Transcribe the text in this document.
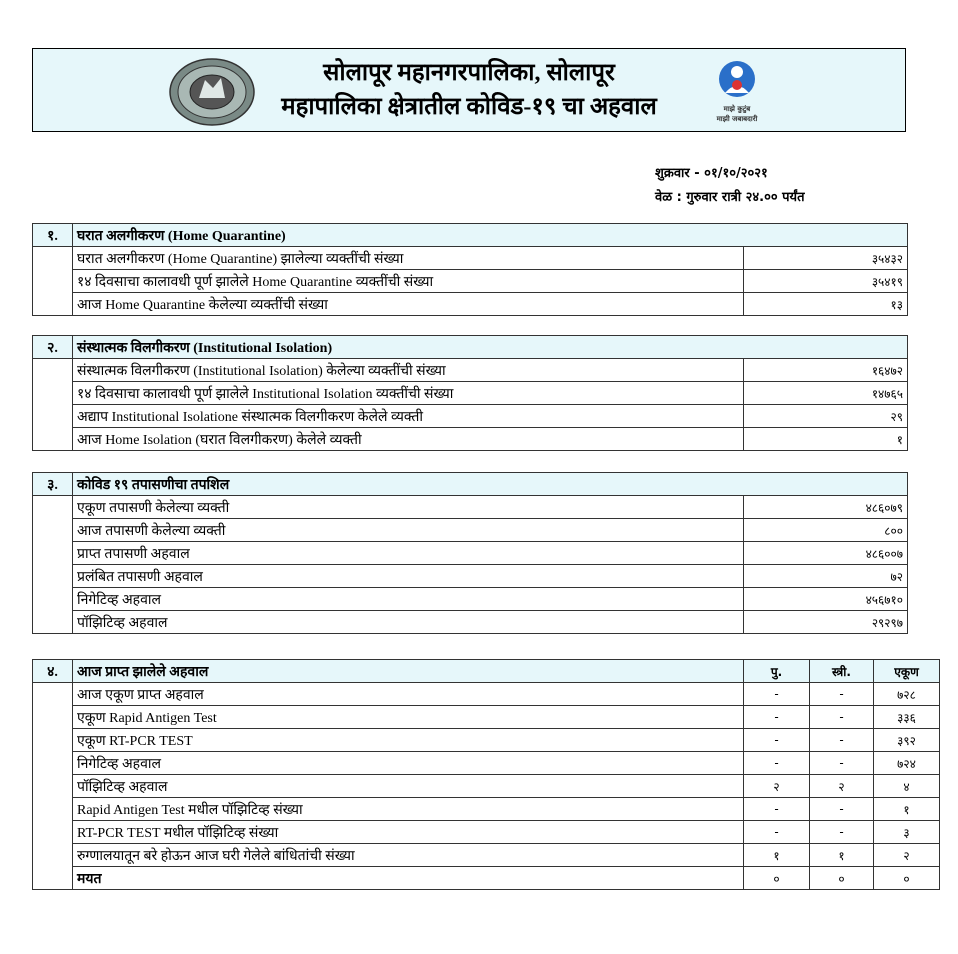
सोलापूर महानगरपालिका, सोलापूर
महापालिका क्षेत्रातील कोविड-१९ चा अहवाल	माझे कुटुंब
माझी जबाबदारी
शुक्रवार - ०१/१०/२०२१
वेळ : गुरुवार रात्री २४.०० पर्यंत
१.	घरात अलगीकरण (Home Quarantine)	
	घरात अलगीकरण (Home Quarantine) झालेल्या व्यक्तींची संख्या	३५४३२
	१४ दिवसाचा कालावधी पूर्ण झालेले Home Quarantine व्यक्तींची संख्या	३५४१९
	आज Home Quarantine केलेल्या व्यक्तींची संख्या	१३
२.	संस्थात्मक विलगीकरण (Institutional Isolation)	
	संस्थात्मक विलगीकरण (Institutional Isolation) केलेल्या व्यक्तींची संख्या	१६४७२
	१४ दिवसाचा कालावधी पूर्ण झालेले Institutional Isolation व्यक्तींची संख्या	१४७६५
	अद्याप Institutional Isolatione संस्थात्मक विलगीकरण केलेले व्यक्ती	२९
	आज Home Isolation (घरात विलगीकरण) केलेले व्यक्ती	१
३.	कोविड १९ तपासणीचा तपशिल	
	एकूण तपासणी केलेल्या व्यक्ती	४८६०७९
	आज तपासणी केलेल्या व्यक्ती	८००
	प्राप्त तपासणी अहवाल	४८६००७
	प्रलंबित तपासणी अहवाल	७२
	निगेटिव्ह अहवाल	४५६७१०
	पॉझिटिव्ह अहवाल	२९२९७
४.	आज प्राप्त झालेले अहवाल	पु.	स्त्री.	एकूण
	आज एकूण प्राप्त अहवाल	-	-	७२८
	एकूण Rapid Antigen Test	-	-	३३६
	एकूण RT-PCR TEST	-	-	३९२
	निगेटिव्ह अहवाल	-	-	७२४
	पॉझिटिव्ह अहवाल	२	२	४
	Rapid Antigen Test मधील पॉझिटिव्ह संख्या	-	-	१
	RT-PCR TEST मधील पॉझिटिव्ह संख्या	-	-	३
	रुग्णालयातून बरे होऊन आज घरी गेलेले बांधितांची संख्या	१	१	२
	मयत	०	०	०
